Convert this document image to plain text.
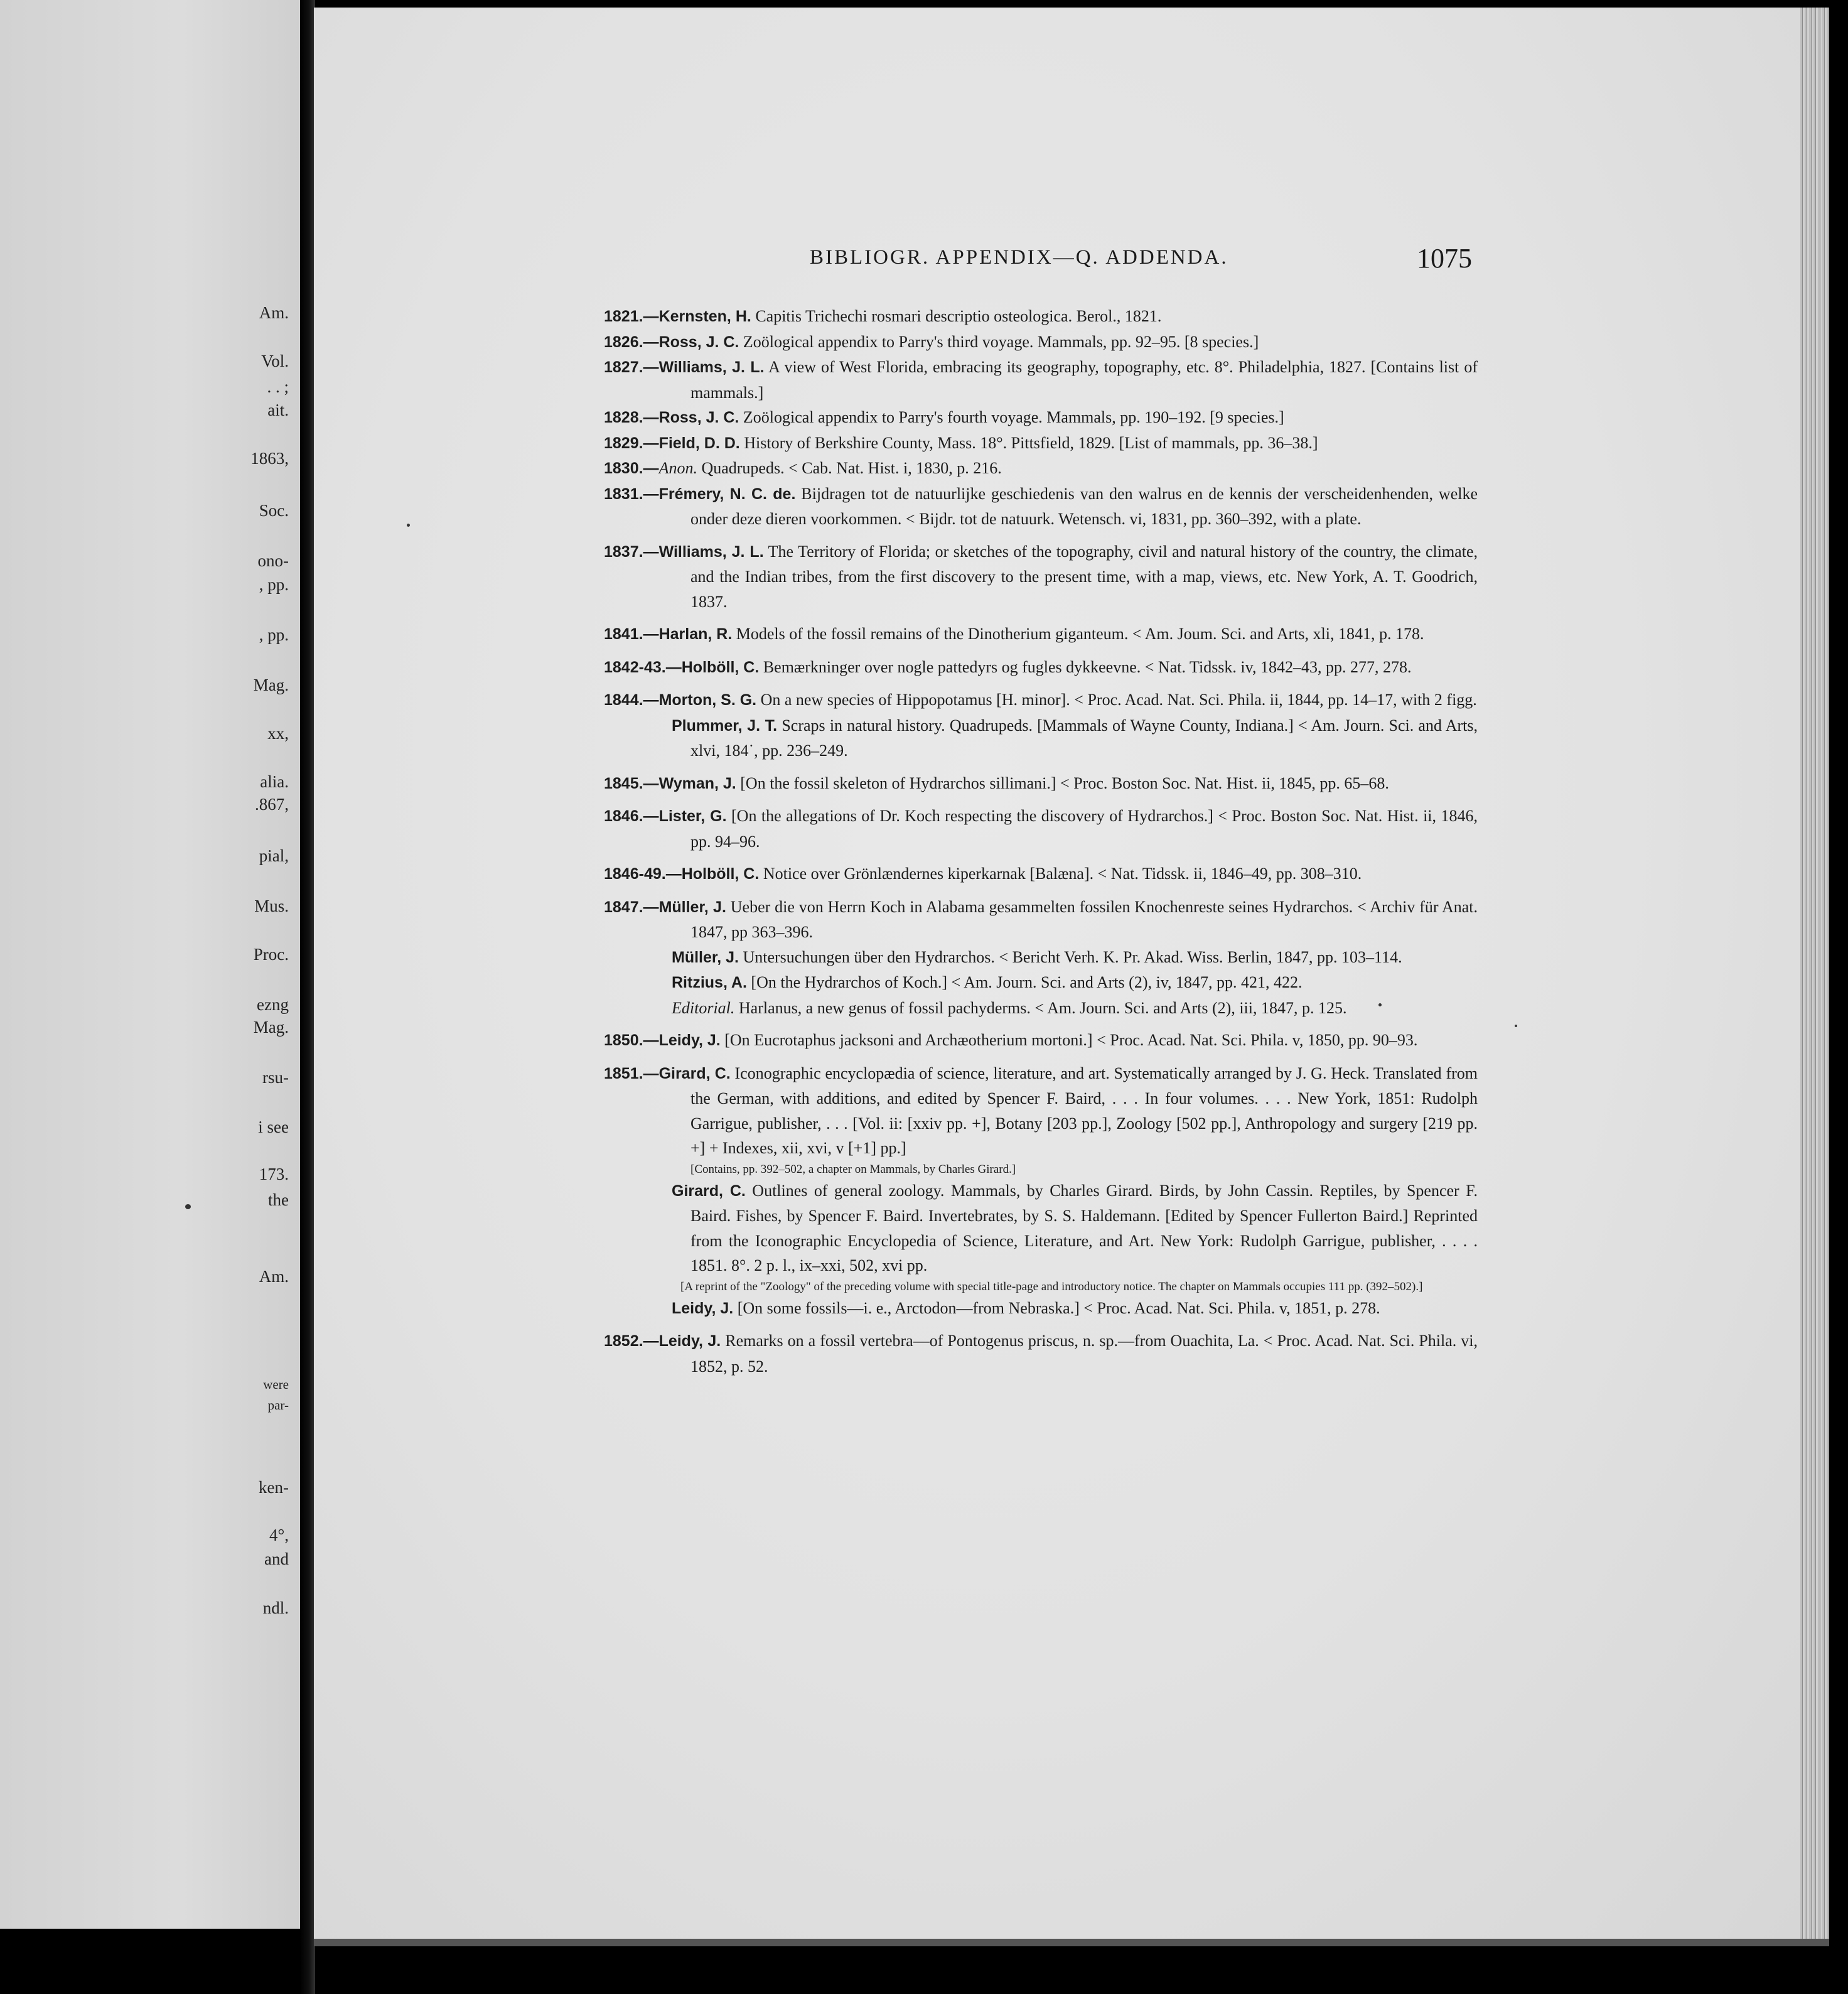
Am.
Vol.
. . ;
ait.
1863,
Soc.
ono-
, pp.
, pp.
Mag.
xx,
alia.
.867,
pial,
Mus.
Proc.
ezng
Mag.
rsu-
i see
173.
the
Am.
were
par-
ken-
4°,
and
ndl.
BIBLIOGR. APPENDIX—Q. ADDENDA.	1075

1821.—Kernsten, H. Capitis Trichechi rosmari descriptio osteologica. Berol., 1821.

1826.—Ross, J. C. Zoölogical appendix to Parry's third voyage. Mammals, pp. 92–95. [8 species.]

1827.—Williams, J. L. A view of West Florida, embracing its geography, topography, etc. 8°. Philadelphia, 1827. [Contains list of mammals.]

1828.—Ross, J. C. Zoölogical appendix to Parry's fourth voyage. Mammals, pp. 190–192. [9 species.]

1829.—Field, D. D. History of Berkshire County, Mass. 18°. Pittsfield, 1829. [List of mammals, pp. 36–38.]

1830.—Anon. Quadrupeds. < Cab. Nat. Hist. i, 1830, p. 216.

1831.—Frémery, N. C. de. Bijdragen tot de natuurlijke geschiedenis van den walrus en de kennis der verscheidenhenden, welke onder deze dieren voorkommen. < Bijdr. tot de natuurk. Wetensch. vi, 1831, pp. 360–392, with a plate.

1837.—Williams, J. L. The Territory of Florida; or sketches of the topography, civil and natural history of the country, the climate, and the Indian tribes, from the first discovery to the present time, with a map, views, etc. New York, A. T. Goodrich, 1837.

1841.—Harlan, R. Models of the fossil remains of the Dinotherium giganteum. < Am. Joum. Sci. and Arts, xli, 1841, p. 178.

1842-43.—Holböll, C. Bemærkninger over nogle pattedyrs og fugles dykkeevne. < Nat. Tidssk. iv, 1842–43, pp. 277, 278.

1844.—Morton, S. G. On a new species of Hippopotamus [H. minor]. < Proc. Acad. Nat. Sci. Phila. ii, 1844, pp. 14–17, with 2 figg.

Plummer, J. T. Scraps in natural history. Quadrupeds. [Mammals of Wayne County, Indiana.] < Am. Journ. Sci. and Arts, xlvi, 184˙, pp. 236–249.

1845.—Wyman, J. [On the fossil skeleton of Hydrarchos sillimani.] < Proc. Boston Soc. Nat. Hist. ii, 1845, pp. 65–68.

1846.—Lister, G. [On the allegations of Dr. Koch respecting the discovery of Hydrarchos.] < Proc. Boston Soc. Nat. Hist. ii, 1846, pp. 94–96.

1846-49.—Holböll, C. Notice over Grönlændernes kiperkarnak [Balæna]. < Nat. Tidssk. ii, 1846–49, pp. 308–310.

1847.—Müller, J. Ueber die von Herrn Koch in Alabama gesammelten fossilen Knochenreste seines Hydrarchos. < Archiv für Anat. 1847, pp 363–396.

Müller, J. Untersuchungen über den Hydrarchos. < Bericht Verh. K. Pr. Akad. Wiss. Berlin, 1847, pp. 103–114.

Ritzius, A. [On the Hydrarchos of Koch.] < Am. Journ. Sci. and Arts (2), iv, 1847, pp. 421, 422.

Editorial. Harlanus, a new genus of fossil pachyderms. < Am. Journ. Sci. and Arts (2), iii, 1847, p. 125.

1850.—Leidy, J. [On Eucrotaphus jacksoni and Archæotherium mortoni.] < Proc. Acad. Nat. Sci. Phila. v, 1850, pp. 90–93.

1851.—Girard, C. Iconographic encyclopædia of science, literature, and art. Systematically arranged by J. G. Heck. Translated from the German, with additions, and edited by Spencer F. Baird, . . . In four volumes. . . . New York, 1851: Rudolph Garrigue, publisher, . . . [Vol. ii: [xxiv pp. +], Botany [203 pp.], Zoology [502 pp.], Anthropology and surgery [219 pp. +] + Indexes, xii, xvi, v [+1] pp.]

[Contains, pp. 392–502, a chapter on Mammals, by Charles Girard.]

Girard, C. Outlines of general zoology. Mammals, by Charles Girard. Birds, by John Cassin. Reptiles, by Spencer F. Baird. Fishes, by Spencer F. Baird. Invertebrates, by S. S. Haldemann. [Edited by Spencer Fullerton Baird.] Reprinted from the Iconographic Encyclopedia of Science, Literature, and Art. New York: Rudolph Garrigue, publisher, . . . . 1851. 8°. 2 p. l., ix–xxi, 502, xvi pp.

[A reprint of the "Zoology" of the preceding volume with special title-page and introductory notice. The chapter on Mammals occupies 111 pp. (392–502).]

Leidy, J. [On some fossils—i. e., Arctodon—from Nebraska.] < Proc. Acad. Nat. Sci. Phila. v, 1851, p. 278.

1852.—Leidy, J. Remarks on a fossil vertebra—of Pontogenus priscus, n. sp.—from Ouachita, La. < Proc. Acad. Nat. Sci. Phila. vi, 1852, p. 52.
